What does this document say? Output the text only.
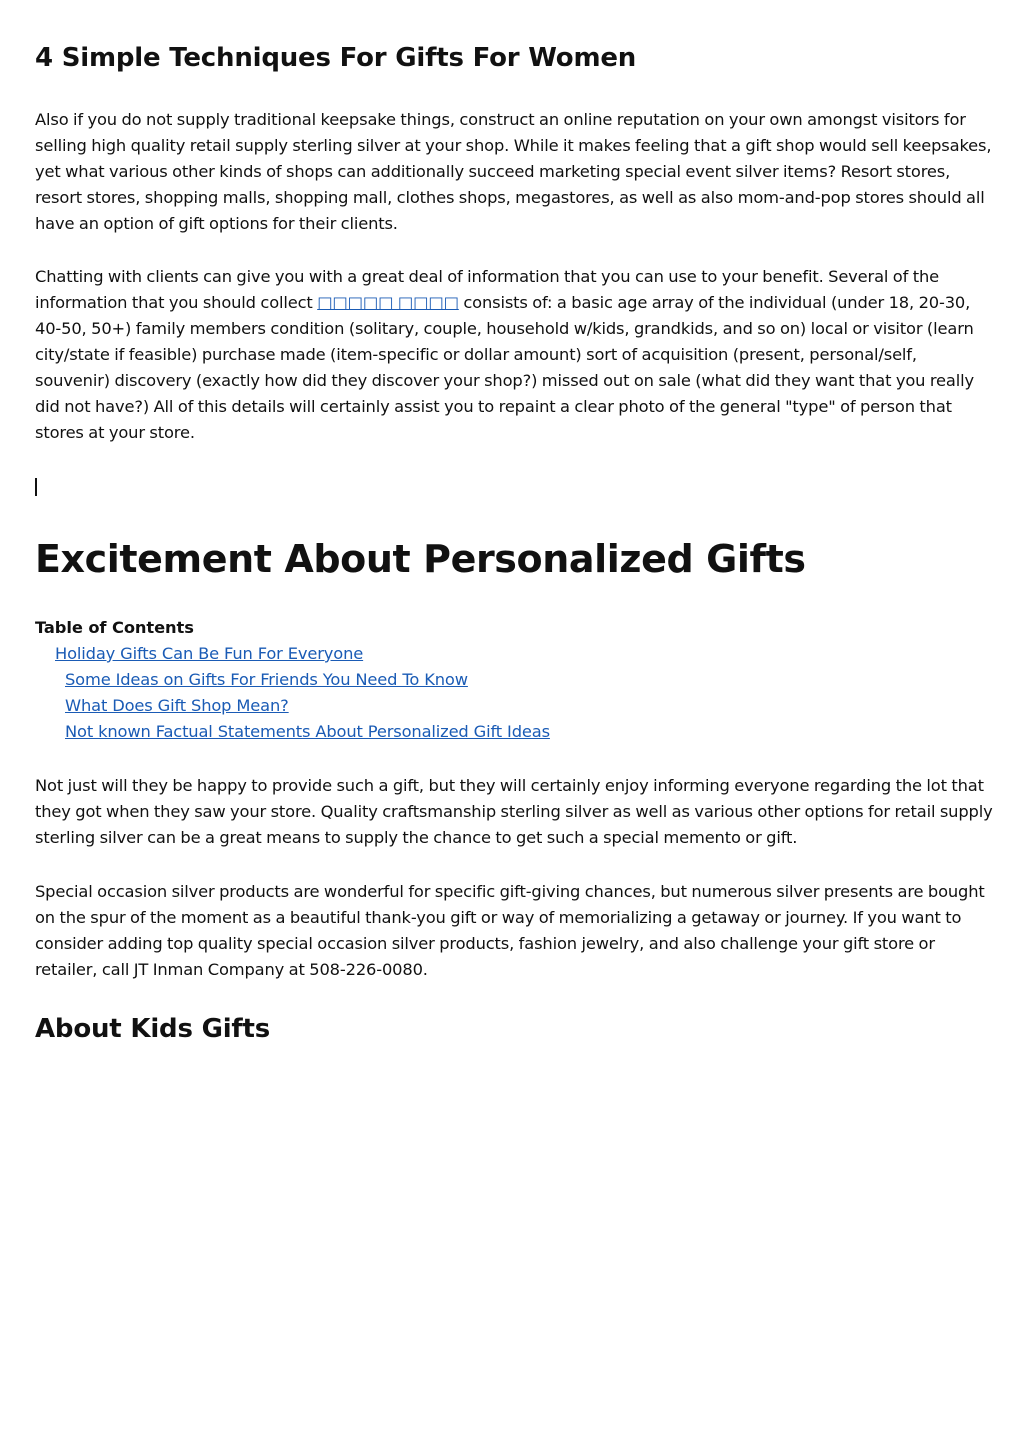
4 Simple Techniques For Gifts For Women

Also if you do not supply traditional keepsake things, construct an online reputation on your own amongst visitors for selling high quality retail supply sterling silver at your shop. While it makes feeling that a gift shop would sell keepsakes, yet what various other kinds of shops can additionally succeed marketing special event silver items? Resort stores, resort stores, shopping malls, shopping mall, clothes shops, megastores, as well as also mom-and-pop stores should all have an option of gift options for their clients.

Chatting with clients can give you with a great deal of information that you can use to your benefit. Several of the information that you should collect □□□□□ □□□□ consists of: a basic age array of the individual (under 18, 20-30, 40-50, 50+) family members condition (solitary, couple, household w/kids, grandkids, and so on) local or visitor (learn city/state if feasible) purchase made (item-specific or dollar amount) sort of acquisition (present, personal/self, souvenir) discovery (exactly how did they discover your shop?) missed out on sale (what did they want that you really did not have?) All of this details will certainly assist you to repaint a clear photo of the general "type" of person that stores at your store.

Excitement About Personalized Gifts
Table of Contents
Holiday Gifts Can Be Fun For Everyone
Some Ideas on Gifts For Friends You Need To Know
What Does Gift Shop Mean?
Not known Factual Statements About Personalized Gift Ideas

Not just will they be happy to provide such a gift, but they will certainly enjoy informing everyone regarding the lot that they got when they saw your store. Quality craftsmanship sterling silver as well as various other options for retail supply sterling silver can be a great means to supply the chance to get such a special memento or gift.

Special occasion silver products are wonderful for specific gift-giving chances, but numerous silver presents are bought on the spur of the moment as a beautiful thank-you gift or way of memorializing a getaway or journey. If you want to consider adding top quality special occasion silver products, fashion jewelry, and also challenge your gift store or retailer, call JT Inman Company at 508-226-0080.

About Kids Gifts
